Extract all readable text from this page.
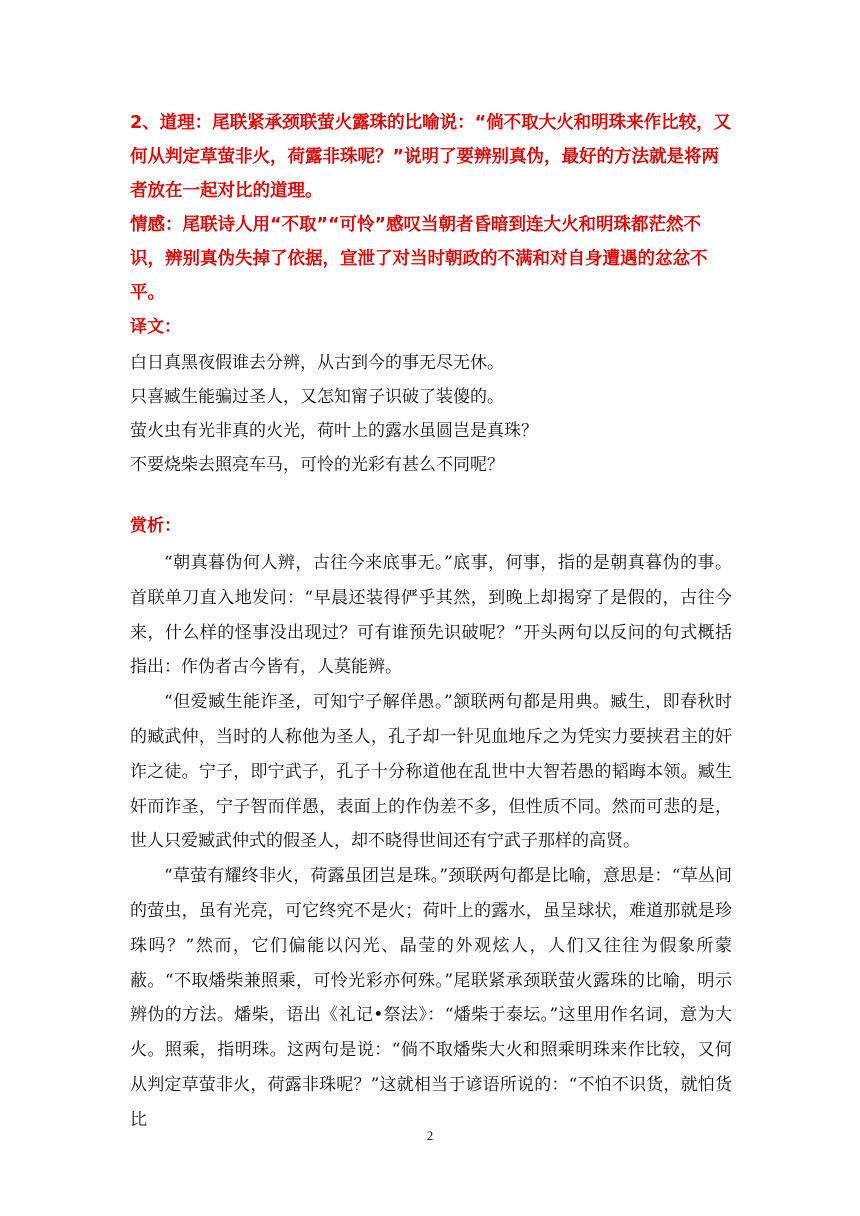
2、道理：尾联紧承颈联萤火露珠的比喻说：“倘不取大火和明珠来作比较，又何从判定草萤非火，荷露非珠呢？”说明了要辨别真伪，最好的方法就是将两者放在一起对比的道理。

情感：尾联诗人用“不取”“可怜”感叹当朝者昏暗到连大火和明珠都茫然不识，辨别真伪失掉了依据，宣泄了对当时朝政的不满和对自身遭遇的忿忿不平。

译文：

白日真黑夜假谁去分辨，从古到今的事无尽无休。

只喜臧生能骗过圣人，又怎知甯子识破了装傻的。

萤火虫有光非真的火光，荷叶上的露水虽圆岂是真珠？

不要烧柴去照亮车马，可怜的光彩有甚么不同呢？

赏析：

“朝真暮伪何人辨，古往今来底事无。”底事，何事，指的是朝真暮伪的事。首联单刀直入地发问：“早晨还装得俨乎其然，到晚上却揭穿了是假的，古往今来，什么样的怪事没出现过？可有谁预先识破呢？”开头两句以反问的句式概括指出：作伪者古今皆有，人莫能辨。

“但爱臧生能诈圣，可知宁子解佯愚。”颔联两句都是用典。臧生，即春秋时的臧武仲，当时的人称他为圣人，孔子却一针见血地斥之为凭实力要挟君主的奸诈之徒。宁子，即宁武子，孔子十分称道他在乱世中大智若愚的韬晦本领。臧生奸而诈圣，宁子智而佯愚，表面上的作伪差不多，但性质不同。然而可悲的是，世人只爱臧武仲式的假圣人，却不晓得世间还有宁武子那样的高贤。

“草萤有耀终非火，荷露虽团岂是珠。”颈联两句都是比喻，意思是：“草丛间的萤虫，虽有光亮，可它终究不是火；荷叶上的露水，虽呈球状，难道那就是珍珠吗？”然而，它们偏能以闪光、晶莹的外观炫人，人们又往往为假象所蒙蔽。“不取燔柴兼照乘，可怜光彩亦何殊。”尾联紧承颈联萤火露珠的比喻，明示辨伪的方法。燔柴，语出《礼记•祭法》：“燔柴于泰坛。”这里用作名词，意为大火。照乘，指明珠。这两句是说：“倘不取燔柴大火和照乘明珠来作比较，又何从判定草萤非火，荷露非珠呢？”这就相当于谚语所说的：“不怕不识货，就怕货比

2
